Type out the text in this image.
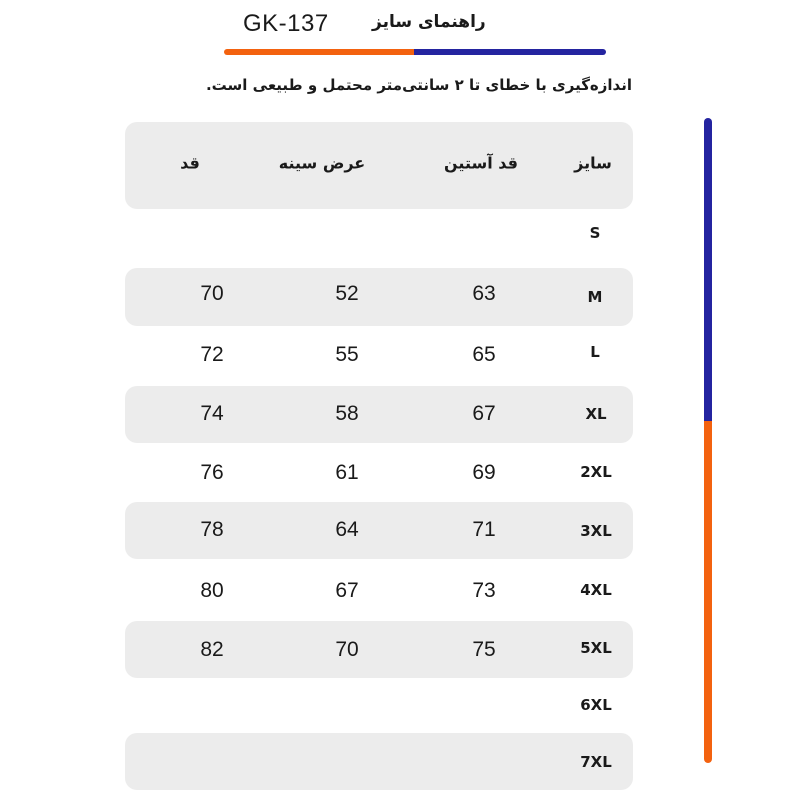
راهنمای سایز
GK-137
اندازه‌گیری با خطای تا ۲ سانتی‌متر محتمل و طبیعی است.
سایز
قد آستین
عرض سینه
قد
S
M
63
52
70
L
65
55
72
XL
67
58
74
2XL
69
61
76
3XL
71
64
78
4XL
73
67
80
5XL
75
70
82
6XL
7XL
